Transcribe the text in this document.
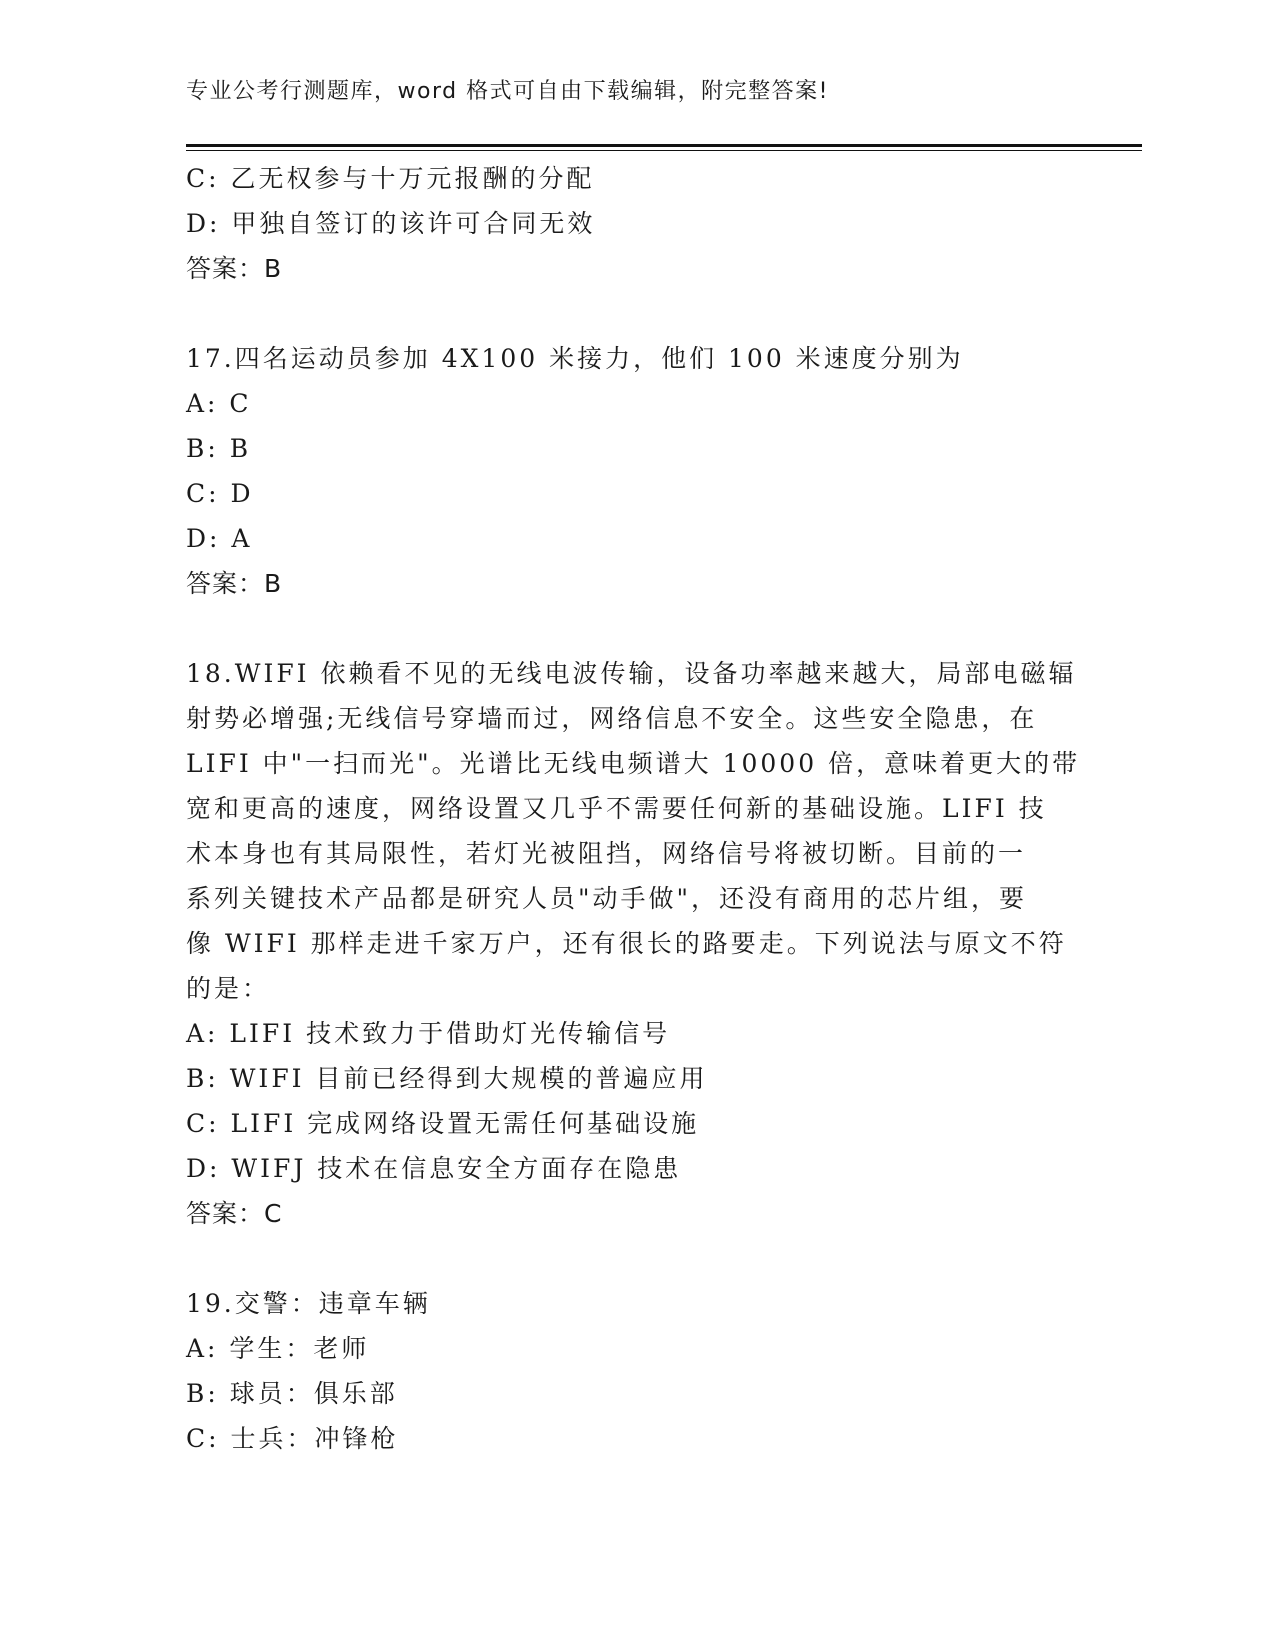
专业公考行测题库，word 格式可自由下载编辑，附完整答案!
C: 乙无权参与十万元报酬的分配
D: 甲独自签订的该许可合同无效
答案：B
17.四名运动员参加 4X100 米接力，他们 100 米速度分别为
A: C
B: B
C: D
D: A
答案：B
18.WIFI 依赖看不见的无线电波传输，设备功率越来越大，局部电磁辐
射势必增强;无线信号穿墙而过，网络信息不安全。这些安全隐患，在
LIFI 中"一扫而光"。光谱比无线电频谱大 10000 倍，意味着更大的带
宽和更高的速度，网络设置又几乎不需要任何新的基础设施。LIFI 技
术本身也有其局限性，若灯光被阻挡，网络信号将被切断。目前的一
系列关键技术产品都是研究人员"动手做"，还没有商用的芯片组，要
像 WIFI 那样走进千家万户，还有很长的路要走。下列说法与原文不符
的是：
A: LIFI 技术致力于借助灯光传输信号
B: WIFI 目前已经得到大规模的普遍应用
C: LIFI 完成网络设置无需任何基础设施
D: WIFJ 技术在信息安全方面存在隐患
答案：C
19.交警：违章车辆
A: 学生：老师
B: 球员：俱乐部
C: 士兵：冲锋枪
